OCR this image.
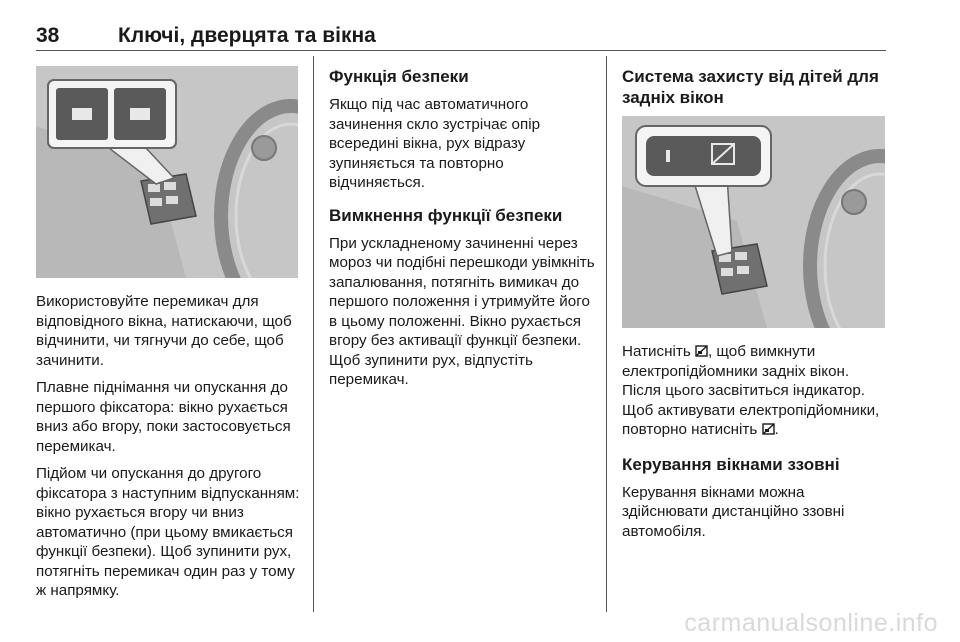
38	Ключі, дверцята та вікна

Використовуйте перемикач для відповідного вікна, натискаючи, щоб відчинити, чи тягнучи до себе, щоб зачинити.

Плавне піднімання чи опускання до першого фіксатора: вікно рухається вниз або вгору, поки застосовується перемикач.

Підйом чи опускання до другого фіксатора з наступним відпусканням: вікно рухається вгору чи вниз автоматично (при цьому вмикається функції безпеки). Щоб зупинити рух, потягніть перемикач один раз у тому ж напрямку.

Функція безпеки

Якщо під час автоматичного зачинення скло зустрічає опір всередині вікна, рух відразу зупиняється та повторно відчиняється.

Вимкнення функції безпеки

При ускладненому зачиненні через мороз чи подібні перешкоди увімкніть запалювання, потягніть вимикач до першого положення і утримуйте його в цьому положенні. Вікно рухається вгору без активації функції безпеки. Щоб зупинити рух, відпустіть перемикач.

Система захисту від дітей для задніх вікон

Натисніть , щоб вимкнути електропідйомники задніх вікон. Після цього засвітиться індикатор. Щоб активувати електропідйомники, повторно натисніть .

Керування вікнами ззовні

Керування вікнами можна здійснювати дистанційно ззовні автомобіля.

carmanualsonline.info
